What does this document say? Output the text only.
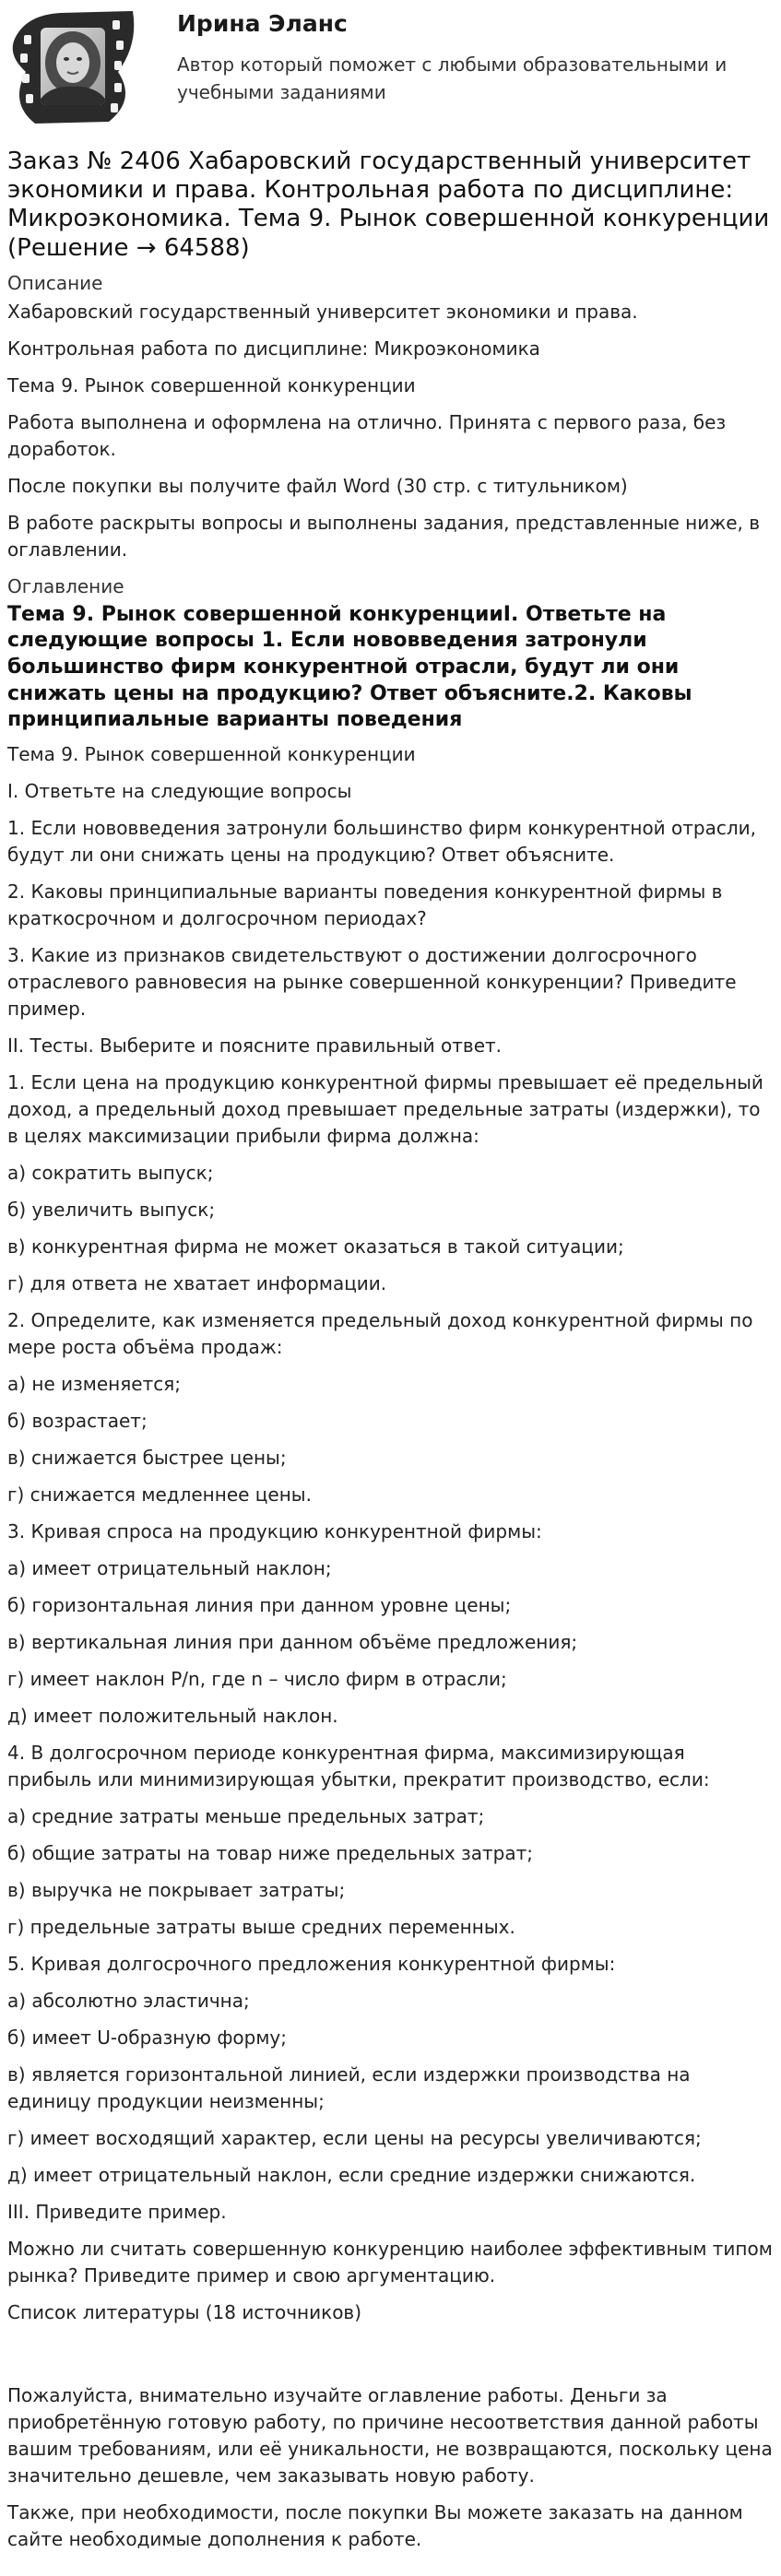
Ирина Эланс
Автор который поможет с любыми образовательными и учебными заданиями
Заказ № 2406 Хабаровский государственный университет экономики и права. Контрольная работа по дисциплине: Микроэкономика. Тема 9. Рынок совершенной конкуренции (Решение → 64588)
Описание

Хабаровский государственный университет экономики и права.

Контрольная работа по дисциплине: Микроэкономика

Тема 9. Рынок совершенной конкуренции

Работа выполнена и оформлена на отлично. Принята с первого раза, без доработок.

После покупки вы получите файл Word (30 стр. с титульником)

В работе раскрыты вопросы и выполнены задания, представленные ниже, в оглавлении.

Оглавление
Тема 9. Рынок совершенной конкуренцииI. Ответьте на следующие вопросы 1. Если нововведения затронули большинство фирм конкурентной отрасли, будут ли они снижать цены на продукцию? Ответ объясните.2. Каковы принципиальные варианты поведения

Тема 9. Рынок совершенной конкуренции

I. Ответьте на следующие вопросы

1. Если нововведения затронули большинство фирм конкурентной отрасли, будут ли они снижать цены на продукцию? Ответ объясните.

2. Каковы принципиальные варианты поведения конкурентной фирмы в краткосрочном и долгосрочном периодах?

3. Какие из признаков свидетельствуют о достижении долгосрочного отраслевого равновесия на рынке совершенной конкуренции? Приведите пример.

II. Тесты. Выберите и поясните правильный ответ.

1. Если цена на продукцию конкурентной фирмы превышает её предельный доход, а предельный доход превышает предельные затраты (издержки), то в целях максимизации прибыли фирма должна:

а) сократить выпуск;

б) увеличить выпуск;

в) конкурентная фирма не может оказаться в такой ситуации;

г) для ответа не хватает информации.

2. Определите, как изменяется предельный доход конкурентной фирмы по мере роста объёма продаж:

а) не изменяется;

б) возрастает;

в) снижается быстрее цены;

г) снижается медленнее цены.

3. Кривая спроса на продукцию конкурентной фирмы:

а) имеет отрицательный наклон;

б) горизонтальная линия при данном уровне цены;

в) вертикальная линия при данном объёме предложения;

г) имеет наклон P/n, где n – число фирм в отрасли;

д) имеет положительный наклон.

4. В долгосрочном периоде конкурентная фирма, максимизирующая прибыль или минимизирующая убытки, прекратит производство, если:

а) средние затраты меньше предельных затрат;

б) общие затраты на товар ниже предельных затрат;

в) выручка не покрывает затраты;

г) предельные затраты выше средних переменных.

5. Кривая долгосрочного предложения конкурентной фирмы:

а) абсолютно эластична;

б) имеет U-образную форму;

в) является горизонтальной линией, если издержки производства на единицу продукции неизменны;

г) имеет восходящий характер, если цены на ресурсы увеличиваются;

д) имеет отрицательный наклон, если средние издержки снижаются.

III. Приведите пример.

Можно ли считать совершенную конкуренцию наиболее эффективным типом рынка? Приведите пример и свою аргументацию.

Список литературы (18 источников)

Пожалуйста, внимательно изучайте оглавление работы. Деньги за приобретённую готовую работу, по причине несоответствия данной работы вашим требованиям, или её уникальности, не возвращаются, поскольку цена значительно дешевле, чем заказывать новую работу.

Также, при необходимости, после покупки Вы можете заказать на данном сайте необходимые дополнения к работе.
